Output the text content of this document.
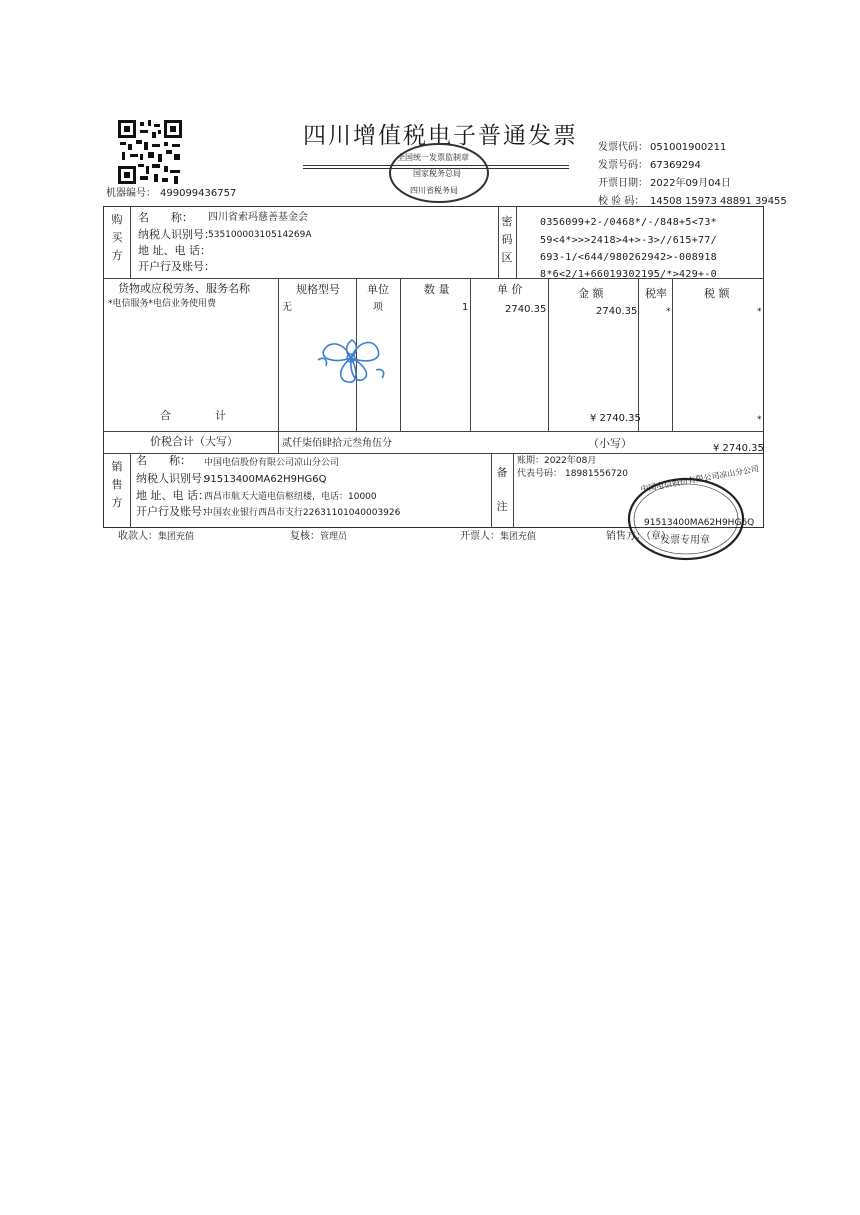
机器编号： 499099436757
四川增值税电子普通发票
全国统一发票监制章
国家税务总局
四川省税务局
发票代码： 051001900211
发票号码： 67369294
开票日期： 2022年09月04日
校 验 码： 14508 15973 48891 39455
购
买
方
名　　称： 四川省索玛慈善基金会
纳税人识别号：
53510000310514269A
地 址、电 话：
开户行及账号：
密
码
区
0356099+2-/0468*/-/848+5<73*
59<4*>>>2418>4+>-3>//615+77/
693-1/<644/980262942>-008918
8*6<2/1+66019302195/*>429+-0
货物或应税劳务、服务名称	规格型号 单位	数 量	单 价	金 额	税率	税 额
*电信服务*电信业务使用费	无	项	1	2740.35	2740.35	*	*
合　　　　计	¥ 2740.35	*
价税合计（大写）	贰仟柒佰肆拾元叁角伍分	（小写）	¥ 2740.35
销
售
方
名　　称： 中国电信股份有限公司凉山分公司
纳税人识别号：
91513400MA62H9HG6Q
地 址、电 话：
西昌市航天大道电信枢纽楼，电话：10000
开户行及账号：
中国农业银行西昌市支行22631101040003926
备
注
账期：2022年08月
代表号码： 18981556720 中国电信股份有限公司凉山分公司
91513400MA62H9HG6Q
发票专用章
收款人： 集团充值	复核： 管理员	开票人： 集团充值	销售方：（章）
